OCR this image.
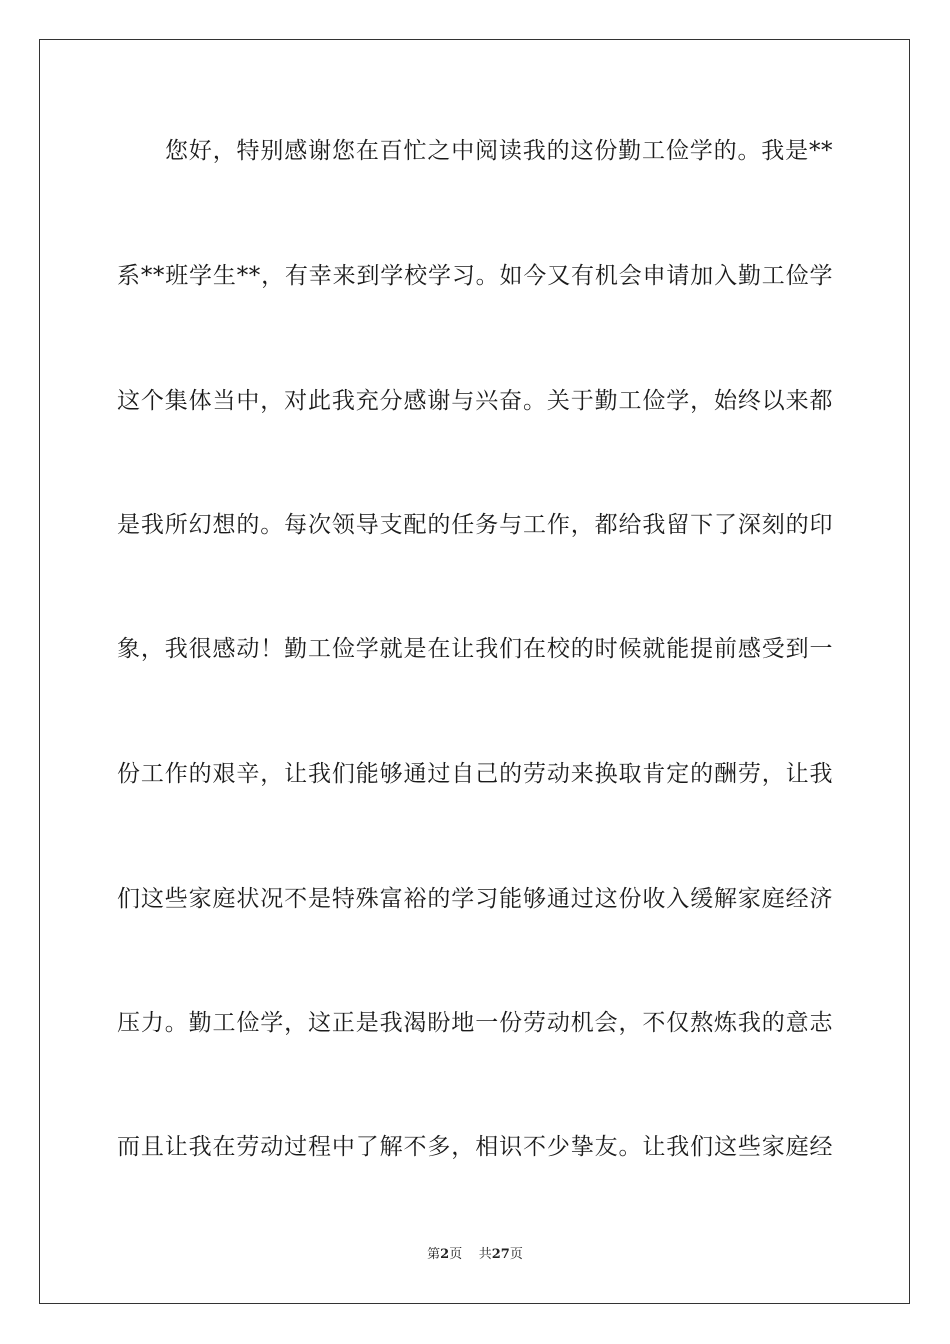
您好，特别感谢您在百忙之中阅读我的这份勤工俭学的。我是**
系**班学生**，有幸来到学校学习。如今又有机会申请加入勤工俭学
这个集体当中，对此我充分感谢与兴奋。关于勤工俭学，始终以来都
是我所幻想的。每次领导支配的任务与工作，都给我留下了深刻的印
象，我很感动！勤工俭学就是在让我们在校的时候就能提前感受到一
份工作的艰辛，让我们能够通过自己的劳动来换取肯定的酬劳，让我
们这些家庭状况不是特殊富裕的学习能够通过这份收入缓解家庭经济
压力。勤工俭学，这正是我渴盼地一份劳动机会，不仅熬炼我的意志
而且让我在劳动过程中了解不多，相识不少挚友。让我们这些家庭经
第2页 共27页
